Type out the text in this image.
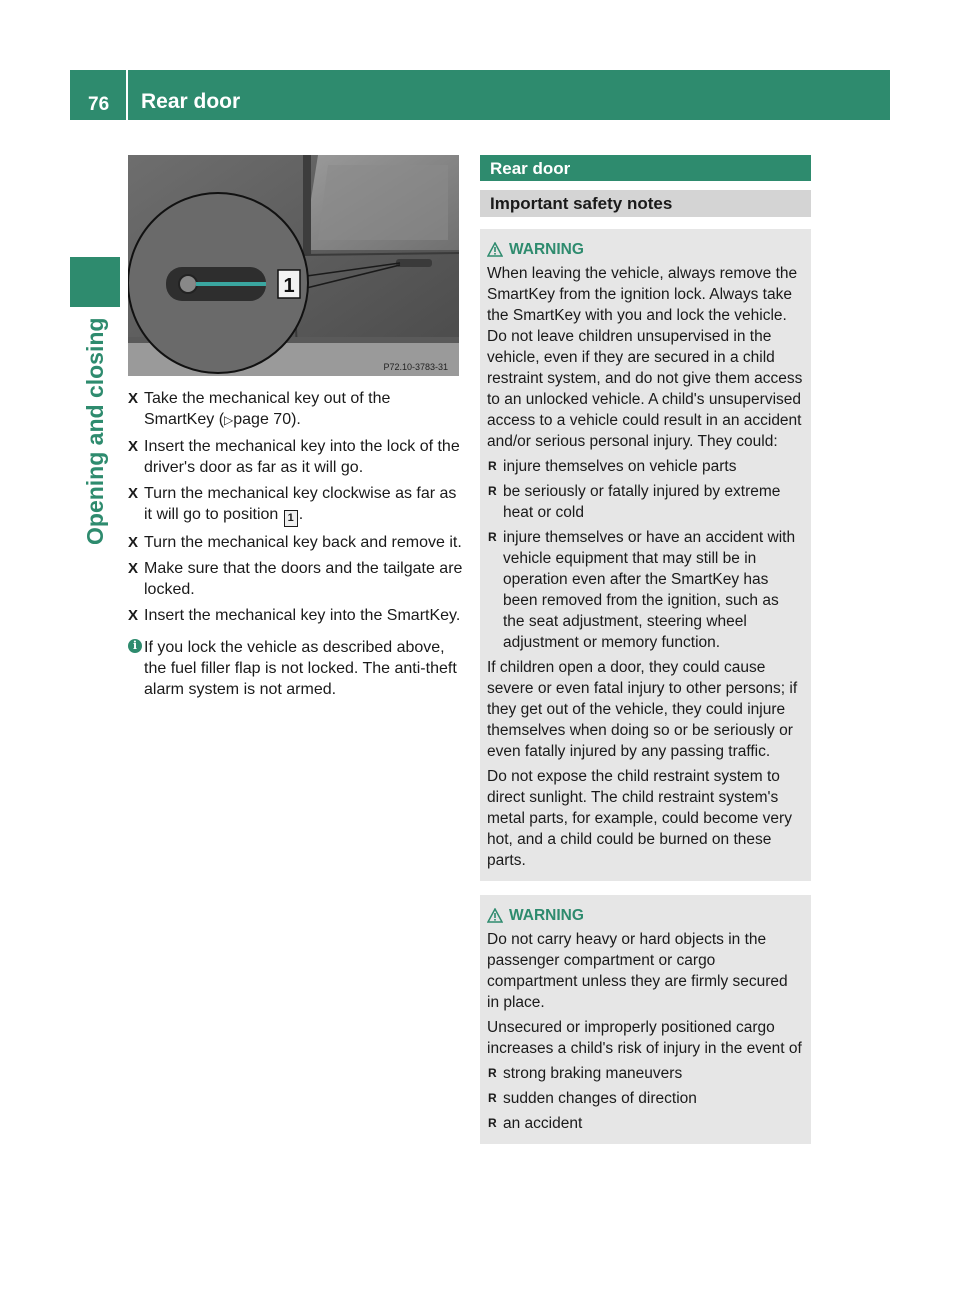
76 Rear door
Opening and closing
1
P72.10-3783-31
X Take the mechanical key out of the SmartKey (▷page 70).
X Insert the mechanical key into the lock of the driver's door as far as it will go.
X Turn the mechanical key clockwise as far as it will go to position 1 .
X Turn the mechanical key back and remove it.
X Make sure that the doors and the tailgate are locked.
X Insert the mechanical key into the SmartKey.
i If you lock the vehicle as described above, the fuel filler flap is not locked. The anti-theft alarm system is not armed.
Rear door
Important safety notes
WARNING

When leaving the vehicle, always remove the SmartKey from the ignition lock. Always take the SmartKey with you and lock the vehicle. Do not leave children unsupervised in the vehicle, even if they are secured in a child restraint system, and do not give them access to an unlocked vehicle. A child's unsupervised access to a vehicle could result in an accident and/or serious personal injury. They could:

R injure themselves on vehicle parts
R be seriously or fatally injured by extreme heat or cold
R injure themselves or have an accident with vehicle equipment that may still be in operation even after the SmartKey has been removed from the ignition, such as the seat adjustment, steering wheel adjustment or memory function.

If children open a door, they could cause severe or even fatal injury to other persons; if they get out of the vehicle, they could injure themselves when doing so or be seriously or even fatally injured by any passing traffic.

Do not expose the child restraint system to direct sunlight. The child restraint system's metal parts, for example, could become very hot, and a child could be burned on these parts.

WARNING

Do not carry heavy or hard objects in the passenger compartment or cargo compartment unless they are firmly secured in place.

Unsecured or improperly positioned cargo increases a child's risk of injury in the event of

R strong braking maneuvers
R sudden changes of direction
R an accident
